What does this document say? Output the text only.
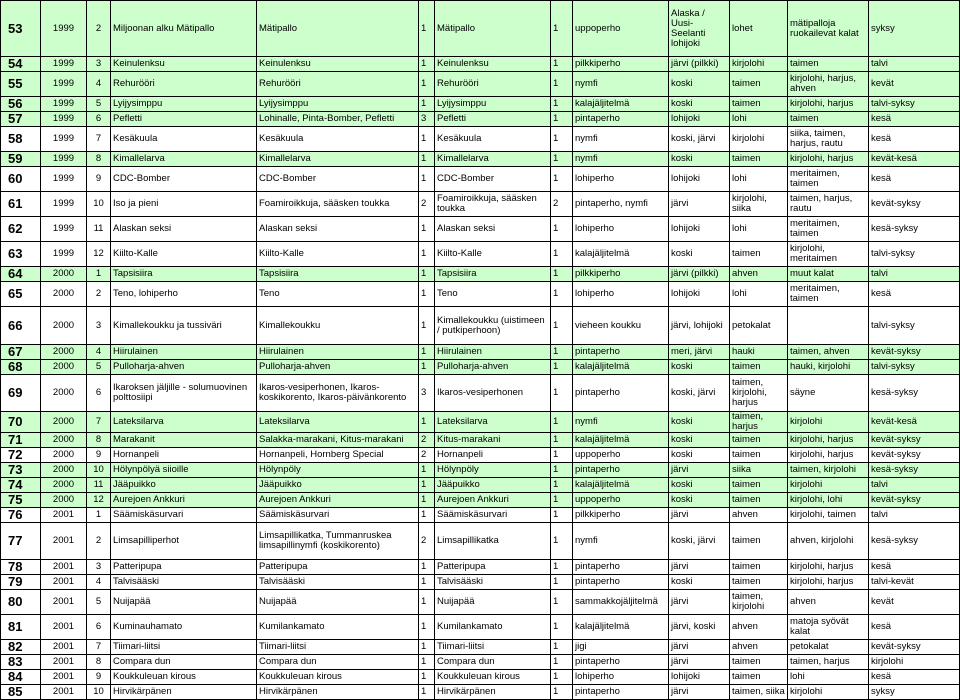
53	1999	2	Miljoonan alku Mätipallo	Mätipallo	1	Mätipallo	1	uppoperho	Alaska / Uusi-Seelanti lohijoki	lohet	mätipalloja ruokailevat kalat	syksy
54	1999	3	Keinulenksu	Keinulenksu	1	Keinulenksu	1	pilkkiperho	järvi (pilkki)	kirjolohi	taimen	talvi
55	1999	4	Rehuröörі	Rehurööri	1	Rehurööri	1	nymfi	koski	taimen	kirjolohi, harjus, ahven	kevät
56	1999	5	Lyijysimppu	Lyijysimppu	1	Lyijysimppu	1	kalajäljitelmä	koski	taimen	kirjolohi, harjus	talvi-syksy
57	1999	6	Pefletti	Lohinalle, Pinta-Bomber, Pefletti	3	Pefletti	1	pintaperho	lohijoki	lohi	taimen	kesä
58	1999	7	Kesäkuula	Kesäkuula	1	Kesäkuula	1	nymfi	koski, järvi	kirjolohi	siika, taimen, harjus, rautu	kesä
59	1999	8	Kimallelarva	Kimallelarva	1	Kimallelarva	1	nymfi	koski	taimen	kirjolohi, harjus	kevät-kesä
60	1999	9	CDC-Bomber	CDC-Bomber	1	CDC-Bomber	1	lohiperho	lohijoki	lohi	meritaimen, taimen	kesä
61	1999	10	Iso ja pieni	Foamiroikkuja, sääsken toukka	2	Foamiroikkuja, sääsken toukka	2	pintaperho, nymfi	järvi	kirjolohi, siika	taimen, harjus, rautu	kevät-syksy
62	1999	11	Alaskan seksi	Alaskan seksi	1	Alaskan seksi	1	lohiperho	lohijoki	lohi	meritaimen, taimen	kesä-syksy
63	1999	12	Kiilto-Kalle	Kiilto-Kalle	1	Kiilto-Kalle	1	kalajäljitelmä	koski	taimen	kirjolohi, meritaimen	talvi-syksy
64	2000	1	Tapsisiira	Tapsisiira	1	Tapsisiira	1	pilkkiperho	järvi (pilkki)	ahven	muut kalat	talvi
65	2000	2	Teno, lohiperho	Teno	1	Teno	1	lohiperho	lohijoki	lohi	meritaimen, taimen	kesä
66	2000	3	Kimallekoukku ja tussiväri	Kimallekoukku	1	Kimallekoukku (uistimeen / putkiperhoon)	1	vieheen koukku	järvi, lohijoki	petokalat		talvi-syksy
67	2000	4	Hiirulainen	Hiirulainen	1	Hiirulainen	1	pintaperho	meri, järvi	hauki	taimen, ahven	kevät-syksy
68	2000	5	Pulloharja-ahven	Pulloharja-ahven	1	Pulloharja-ahven	1	kalajäljitelmä	koski	taimen	hauki, kirjolohi	talvi-syksy
69	2000	6	Ikaroksen jäljille - solumuovinen polttosiipi	Ikaros-vesiperhonen, Ikaros-koskikorento, Ikaros-päivänkorento	3	Ikaros-vesiperhonen	1	pintaperho	koski, järvi	taimen, kirjolohi, harjus	säyne	kesä-syksy
70	2000	7	Lateksilarva	Lateksilarva	1	Lateksilarva	1	nymfi	koski	taimen, harjus	kirjolohi	kevät-kesä
71	2000	8	Marakanit	Salakka-marakani, Kitus-marakani	2	Kitus-marakani	1	kalajäljitelmä	koski	taimen	kirjolohi, harjus	kevät-syksy
72	2000	9	Hornanpeli	Hornanpeli, Hornberg Special	2	Hornanpeli	1	uppoperho	koski	taimen	kirjolohi, harjus	kevät-syksy
73	2000	10	Hölynpölyä siioille	Hölynpöly	1	Hölynpöly	1	pintaperho	järvi	siika	taimen, kirjolohi	kesä-syksy
74	2000	11	Jääpuikko	Jääpuikko	1	Jääpuikko	1	kalajäljitelmä	koski	taimen	kirjolohi	talvi
75	2000	12	Aurejoen Ankkuri	Aurejoen Ankkuri	1	Aurejoen Ankkuri	1	uppoperho	koski	taimen	kirjolohi, lohi	kevät-syksy
76	2001	1	Säämiskäsurvari	Säämiskäsurvari	1	Säämiskäsurvari	1	pilkkiperho	järvi	ahven	kirjolohi, taimen	talvi
77	2001	2	Limsapilliperhot	Limsapillikatka, Tummanruskea limsapillinymfi (koskikorento)	2	Limsapillikatka	1	nymfi	koski, järvi	taimen	ahven, kirjolohi	kesä-syksy
78	2001	3	Patteripupa	Patteripupa	1	Patteripupa	1	pintaperho	järvi	taimen	kirjolohi, harjus	kesä
79	2001	4	Talvisääski	Talvisääski	1	Talvisääski	1	pintaperho	koski	taimen	kirjolohi, harjus	talvi-kevät
80	2001	5	Nuijapää	Nuijapää	1	Nuijapää	1	sammakkojäljitelmä	järvi	taimen, kirjolohi	ahven	kevät
81	2001	6	Kuminauhamato	Kumilankamato	1	Kumilankamato	1	kalajäljitelmä	järvi, koski	ahven	matoja syövät kalat	kesä
82	2001	7	Tiimari-liitsi	Tiimari-liitsi	1	Tiimari-liitsi	1	jigi	järvi	ahven	petokalat	kevät-syksy
83	2001	8	Compara dun	Compara dun	1	Compara dun	1	pintaperho	järvi	taimen	taimen, harjus	kirjolohi
84	2001	9	Koukkuleuan kirous	Koukkuleuan kirous	1	Koukkuleuan kirous	1	lohiperho	lohijoki	taimen	lohi	kesä
85	2001	10	Hirvikärpänen	Hirvikärpänen	1	Hirvikärpänen	1	pintaperho	järvi	taimen, siika	kirjolohi	syksy
